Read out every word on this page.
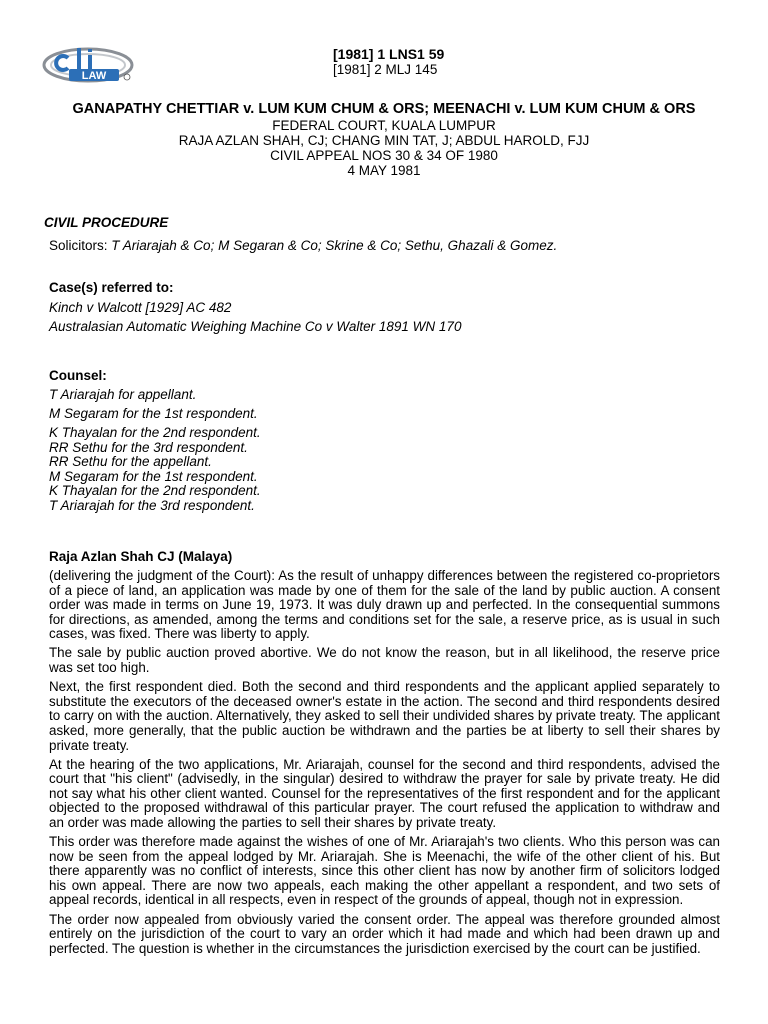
LAW
[1981] 1 LNS1 59
[1981] 2 MLJ 145
GANAPATHY CHETTIAR v. LUM KUM CHUM & ORS; MEENACHI v. LUM KUM CHUM & ORS
FEDERAL COURT, KUALA LUMPUR
RAJA AZLAN SHAH, CJ; CHANG MIN TAT, J; ABDUL HAROLD, FJJ
CIVIL APPEAL NOS 30 & 34 OF 1980
4 MAY 1981
CIVIL PROCEDURE
Solicitors: T Ariarajah & Co; M Segaran & Co; Skrine & Co; Sethu, Ghazali & Gomez.
Case(s) referred to:
Kinch v Walcott [1929] AC 482
Australasian Automatic Weighing Machine Co v Walter 1891 WN 170
Counsel:
T Ariarajah for appellant.
M Segaram for the 1st respondent.
K Thayalan for the 2nd respondent.
RR Sethu for the 3rd respondent.
RR Sethu for the appellant.
M Segaram for the 1st respondent.
K Thayalan for the 2nd respondent.
T Ariarajah for the 3rd respondent.
Raja Azlan Shah CJ (Malaya)

(delivering the judgment of the Court): As the result of unhappy differences between the registered co-proprietors of a piece of land, an application was made by one of them for the sale of the land by public auction. A consent order was made in terms on June 19, 1973. It was duly drawn up and perfected. In the consequential summons for directions, as amended, among the terms and conditions set for the sale, a reserve price, as is usual in such cases, was fixed. There was liberty to apply.

The sale by public auction proved abortive. We do not know the reason, but in all likelihood, the reserve price was set too high.

Next, the first respondent died. Both the second and third respondents and the applicant applied separately to substitute the executors of the deceased owner's estate in the action. The second and third respondents desired to carry on with the auction. Alternatively, they asked to sell their undivided shares by private treaty. The applicant asked, more generally, that the public auction be withdrawn and the parties be at liberty to sell their shares by private treaty.

At the hearing of the two applications, Mr. Ariarajah, counsel for the second and third respondents, advised the court that "his client" (advisedly, in the singular) desired to withdraw the prayer for sale by private treaty. He did not say what his other client wanted. Counsel for the representatives of the first respondent and for the applicant objected to the proposed withdrawal of this particular prayer. The court refused the application to withdraw and an order was made allowing the parties to sell their shares by private treaty.

This order was therefore made against the wishes of one of Mr. Ariarajah's two clients. Who this person was can now be seen from the appeal lodged by Mr. Ariarajah. She is Meenachi, the wife of the other client of his. But there apparently was no conflict of interests, since this other client has now by another firm of solicitors lodged his own appeal. There are now two appeals, each making the other appellant a respondent, and two sets of appeal records, identical in all respects, even in respect of the grounds of appeal, though not in expression.

The order now appealed from obviously varied the consent order. The appeal was therefore grounded almost entirely on the jurisdiction of the court to vary an order which it had made and which had been drawn up and perfected. The question is whether in the circumstances the jurisdiction exercised by the court can be justified.
